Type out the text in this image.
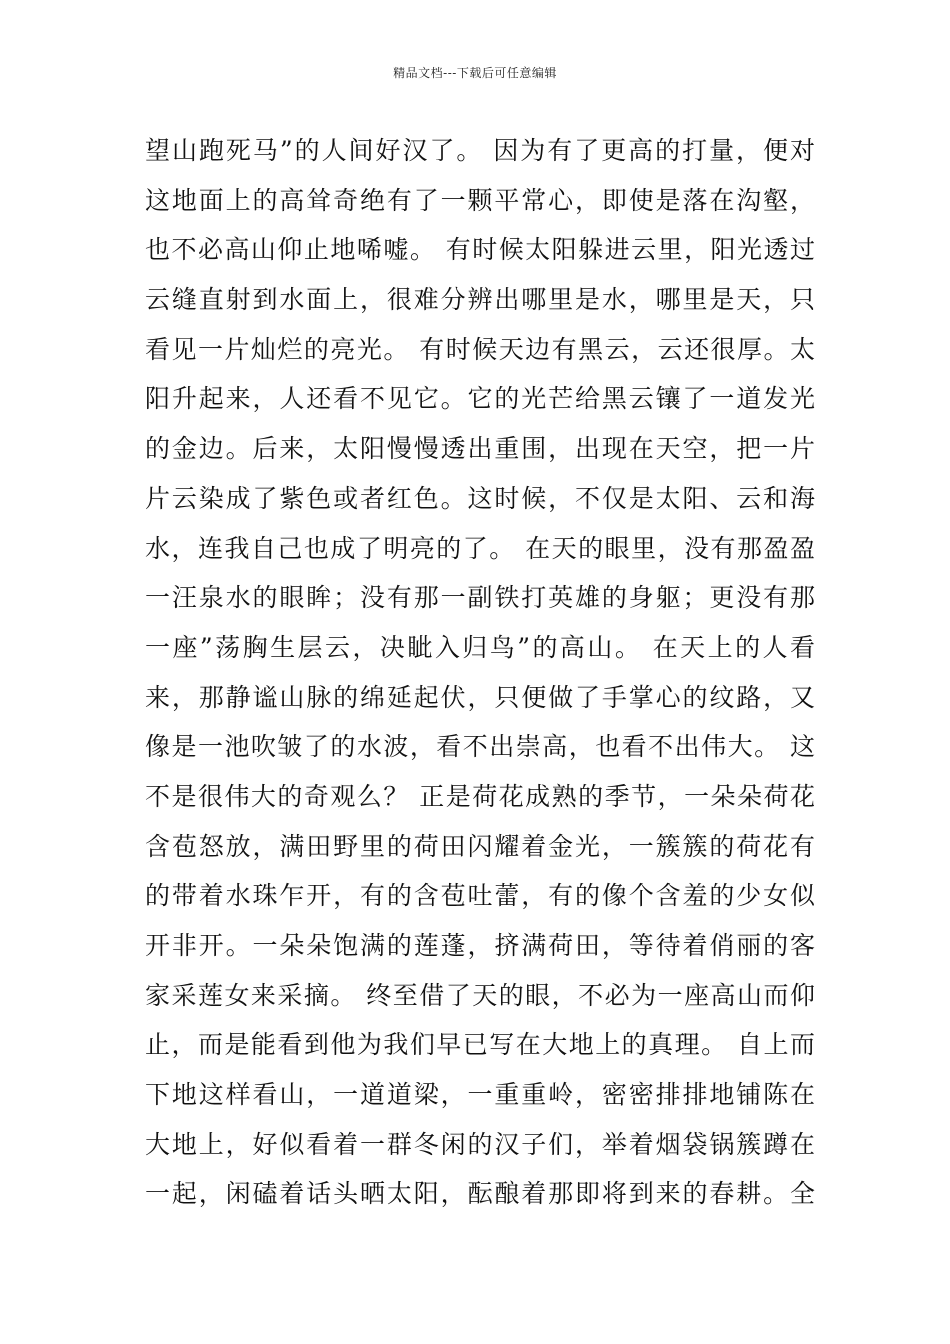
精品文档---下载后可任意编辑
望山跑死马”的人间好汉了。 因为有了更高的打量，便对
这地面上的高耸奇绝有了一颗平常心，即使是落在沟壑，
也不必高山仰止地唏嘘。 有时候太阳躲进云里，阳光透过
云缝直射到水面上，很难分辨出哪里是水，哪里是天，只
看见一片灿烂的亮光。 有时候天边有黑云，云还很厚。太
阳升起来，人还看不见它。它的光芒给黑云镶了一道发光
的金边。后来，太阳慢慢透出重围，出现在天空，把一片
片云染成了紫色或者红色。这时候，不仅是太阳、云和海
水，连我自己也成了明亮的了。 在天的眼里，没有那盈盈
一汪泉水的眼眸；没有那一副铁打英雄的身躯；更没有那
一座”荡胸生层云，决眦入归鸟”的高山。 在天上的人看
来，那静谧山脉的绵延起伏，只便做了手掌心的纹路，又
像是一池吹皱了的水波，看不出崇高，也看不出伟大。 这
不是很伟大的奇观么？ 正是荷花成熟的季节，一朵朵荷花
含苞怒放，满田野里的荷田闪耀着金光，一簇簇的荷花有
的带着水珠乍开，有的含苞吐蕾，有的像个含羞的少女似
开非开。一朵朵饱满的莲蓬，挤满荷田，等待着俏丽的客
家采莲女来采摘。 终至借了天的眼，不必为一座高山而仰
止，而是能看到他为我们早已写在大地上的真理。 自上而
下地这样看山，一道道梁，一重重岭，密密排排地铺陈在
大地上，好似看着一群冬闲的汉子们，举着烟袋锅簇蹲在
一起，闲磕着话头晒太阳，酝酿着那即将到来的春耕。全
